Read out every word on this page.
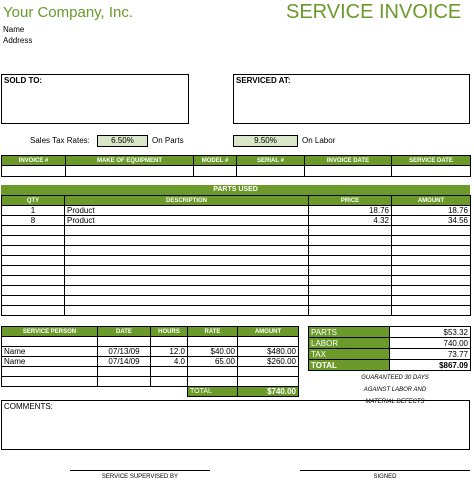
Your Company, Inc.
Name
Address
SERVICE INVOICE
SOLD TO:	SERVICED AT:
Sales Tax Rates:	6.50%	On Parts	9.50%	On Labor
INVOICE #	MAKE OF EQUIPMENT	MODEL #	SERIAL #	INVOICE DATE	SERVICE DATE

PARTS USED
QTY	DESCRIPTION	PRICE	AMOUNT
1	Product	18.76	18.76
8	Product	4.32	34.56

SERVICE PERSON	DATE	HOURS	RATE	AMOUNT

Name	07/13/09	12.0	$40.00	$480.00
Name	07/14/09	4.0	65.00	$260.00

			TOTAL	$740.00
PARTS	$53.32
LABOR	740.00
TAX	73.77
TOTAL	$867.09
GUARANTEED 30 DAYS
AGAINST LABOR AND
MATERIAL DEFECTS
COMMENTS:
SERVICE SUPERVISED BY	SIGNED
